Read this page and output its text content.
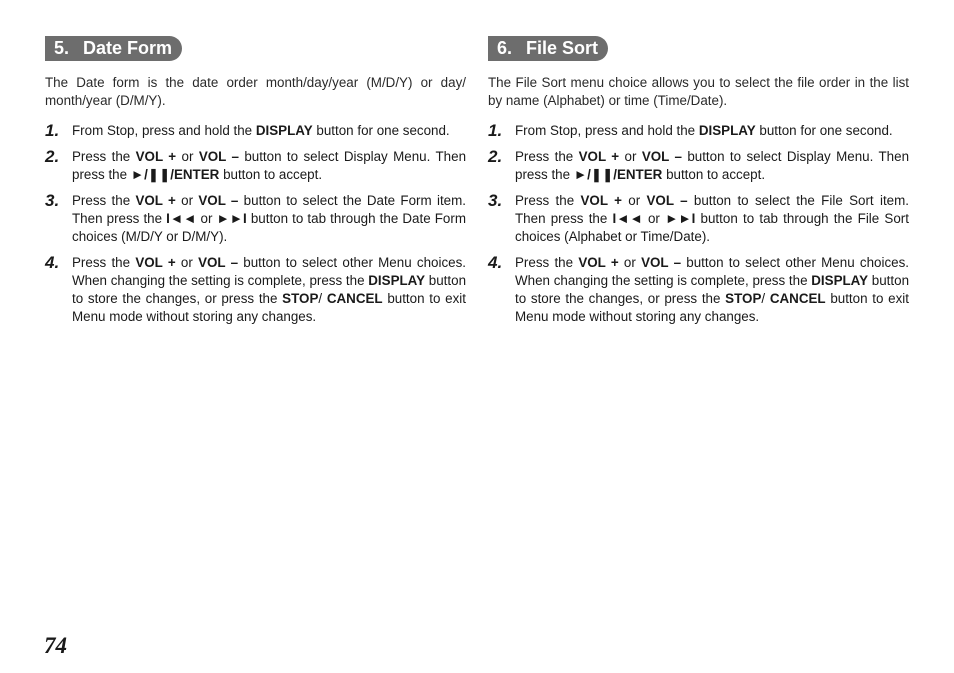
5. Date Form

The Date form is the date order month/day/year (M/D/Y) or day/ month/year (D/M/Y).

1. From Stop, press and hold the DISPLAY button for one second.
2. Press the VOL + or VOL – button to select Display Menu. Then press the ►/❚❚/ENTER button to accept.
3. Press the VOL + or VOL – button to select the Date Form item. Then press the I◄◄ or ►►I button to tab through the Date Form choices (M/D/Y or D/M/Y).
4. Press the VOL + or VOL – button to select other Menu choices. When changing the setting is complete, press the DISPLAY button to store the changes, or press the STOP/ CANCEL button to exit Menu mode without storing any changes.
6. File Sort

The File Sort menu choice allows you to select the file order in the list by name (Alphabet) or time (Time/Date).

1. From Stop, press and hold the DISPLAY button for one second.
2. Press the VOL + or VOL – button to select Display Menu. Then press the ►/❚❚/ENTER button to accept.
3. Press the VOL + or VOL – button to select the File Sort item. Then press the I◄◄ or ►►I button to tab through the File Sort choices (Alphabet or Time/Date).
4. Press the VOL + or VOL – button to select other Menu choices. When changing the setting is complete, press the DISPLAY button to store the changes, or press the STOP/ CANCEL button to exit Menu mode without storing any changes.
74
